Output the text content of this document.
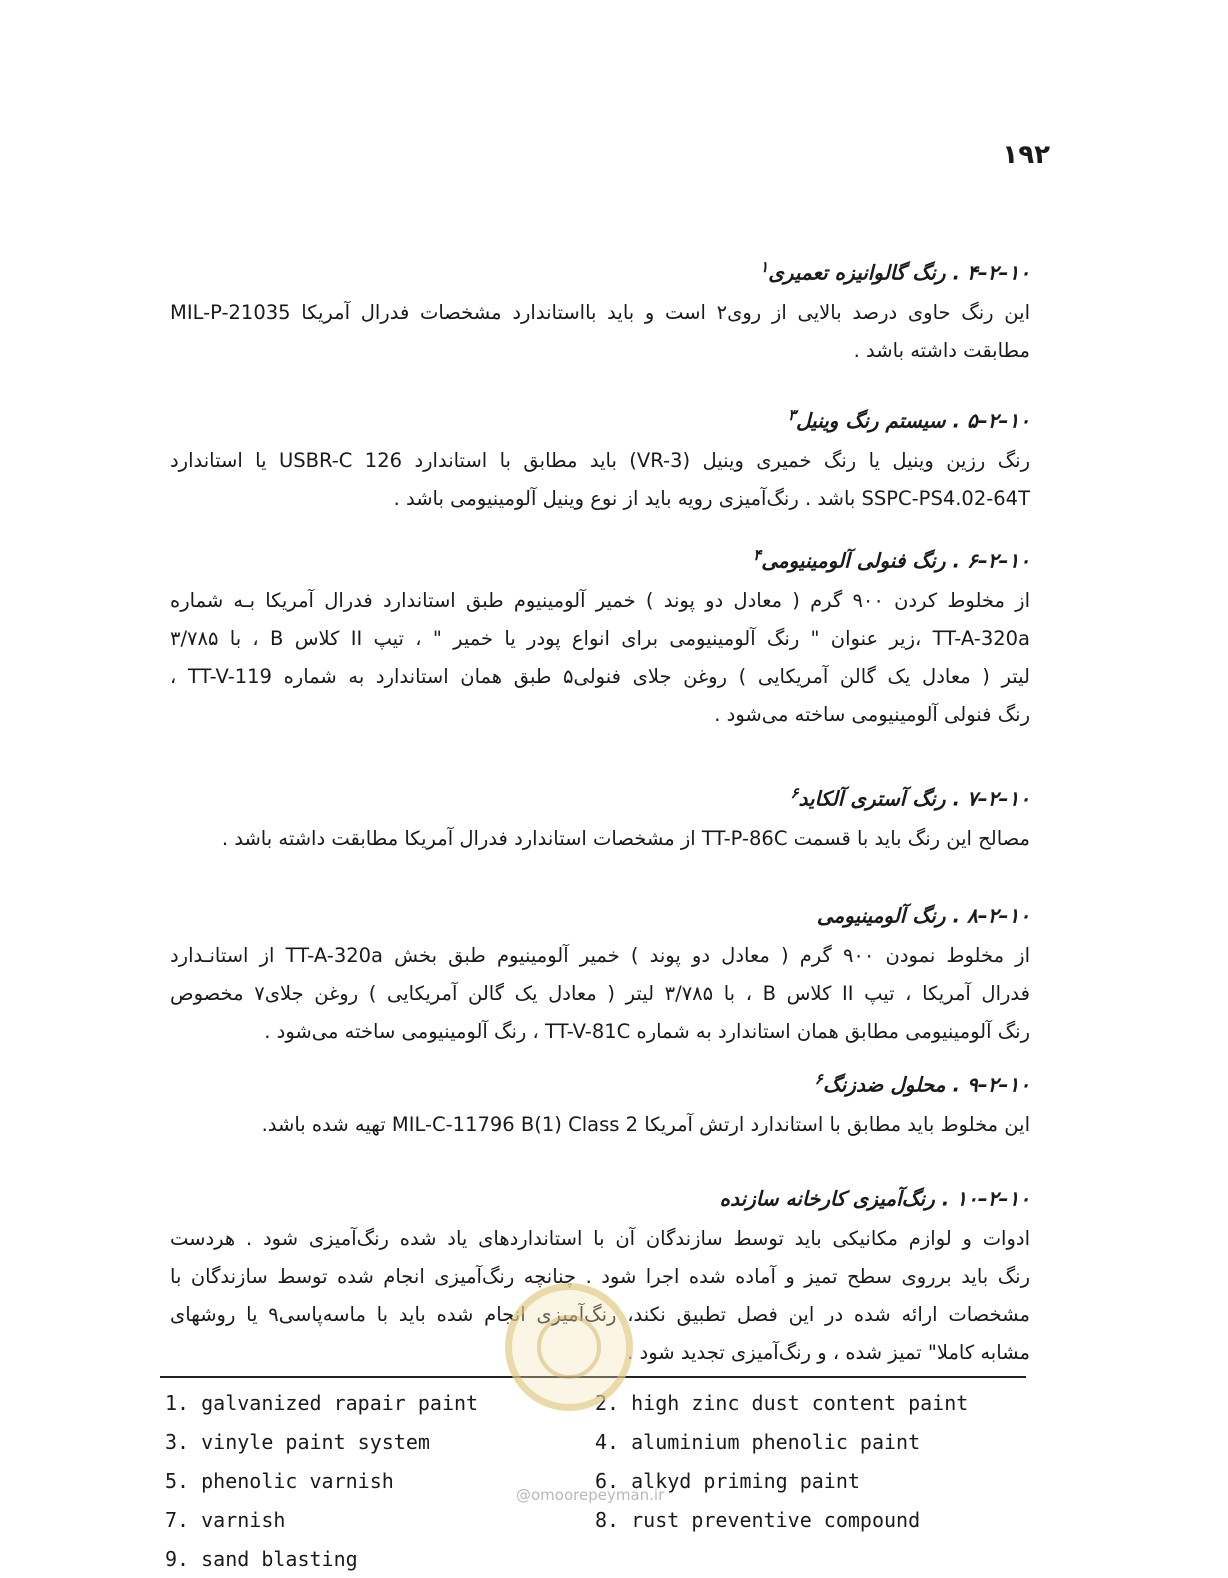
۱۹۲
۱۰–۲–۴ . رنگ گالوانیزه تعمیری$^۱$

این رنگ حاوی درصد بالایی از روی۲ است و باید بااستاندارد مشخصات فدرال آمریکا MIL-P-21035

مطابقت داشته باشد .

۱۰–۲–۵ . سیستم رنگ وینیل$^۳$

رنگ رزین وینیل یا رنگ خمیری وینیل (VR-3) باید مطابق با استاندارد USBR-C 126 یا استاندارد

SSPC-PS4.02-64T باشد . رنگ‌آمیزی رویه باید از نوع وینیل آلومینیومی باشد .

۱۰–۲–۶ . رنگ فنولی آلومینیومی$^۴$

از مخلوط کردن ۹۰۰ گرم ( معادل دو پوند ) خمیر آلومینیوم طبق استاندارد فدرال آمریکا بـه شماره

TT-A-320a ،زیر عنوان " رنگ آلومینیومی برای انواع پودر یا خمیر " ، تیپ II کلاس B ، با ۳/۷۸۵

لیتر ( معادل یک گالن آمریکایی ) روغن جلای فنولی۵ طبق همان استاندارد به شماره TT-V-119 ،

رنگ فنولی آلومینیومی ساخته می‌شود .

۱۰–۲–۷ . رنگ آستری آلکاید$^۶$

مصالح این رنگ باید با قسمت TT-P-86C از مشخصات استاندارد فدرال آمریکا مطابقت داشته باشد .

۱۰–۲–۸ . رنگ آلومینیومی

از مخلوط نمودن ۹۰۰ گرم ( معادل دو پوند ) خمیر آلومینیوم طبق بخش TT-A-320a از استانـدارد

فدرال آمریکا ، تیپ II کلاس B ، با ۳/۷۸۵ لیتر ( معادل یک گالن آمریکایی ) روغن جلای۷ مخصوص

رنگ آلومینیومی مطابق همان استاندارد به شماره TT-V-81C ، رنگ آلومینیومی ساخته می‌شود .

۱۰–۲–۹ . محلول ضدزنگ$^۶$

این مخلوط باید مطابق با استاندارد ارتش آمریکا MIL-C-11796 B(1) Class 2 تهیه شده باشد.

۱۰–۲–۱۰ . رنگ‌آمیزی کارخانه سازنده

ادوات و لوازم مکانیکی باید توسط سازندگان آن با استانداردهای یاد شده رنگ‌آمیزی شود . هردست

رنگ باید برروی سطح تمیز و آماده شده اجرا شود . چنانچه رنگ‌آمیزی انجام شده توسط سازندگان با

مشخصات ارائه شده در این فصل تطبیق نکند، رنگ‌آمیزی انجام شده باید با ماسه‌پاسی۹ یا روشهای

مشابه کاملا" تمیز شده ، و رنگ‌آمیزی تجدید شود .

1. galvanized rapair paint	2. high zinc dust content paint
3. vinyle paint system	4. aluminium phenolic paint
5. phenolic varnish	6. alkyd priming paint
7. varnish	8. rust preventive compound
9. sand blasting
@omoorepeyman.ir
